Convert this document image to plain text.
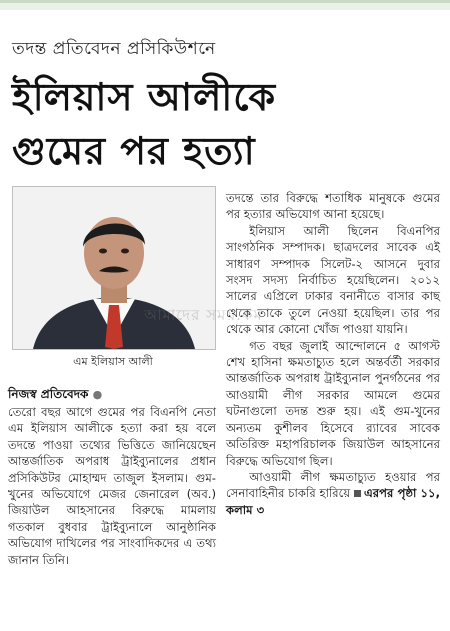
তদন্ত প্রতিবেদন প্রসিকিউশনে
ইলিয়াস আলীকে
গুমের পর হত্যা
এম ইলিয়াস আলী
আমাদের সময়.কম
নিজস্ব প্রতিবেদক ●

তেরো বছর আগে গুমের পর বিএনপি নেতা এম ইলিয়াস আলীকে হত্যা করা হয় বলে তদন্তে পাওয়া তথ্যের ভিত্তিতে জানিয়েছেন আন্তর্জাতিক অপরাধ ট্রাইব্যুনালের প্রধান প্রসিকিউটর মোহাম্মদ তাজুল ইসলাম। গুম-খুনের অভিযোগে মেজর জেনারেল (অব.) জিয়াউল আহসানের বিরুদ্ধে মামলায় গতকাল বুধবার ট্রাইব্যুনালে আনুষ্ঠানিক অভিযোগ দাখিলের পর সাংবাদিকদের এ তথ্য জানান তিনি।

তদন্তে তার বিরুদ্ধে শতাধিক মানুষকে গুমের পর হত্যার অভিযোগ আনা হয়েছে।

ইলিয়াস আলী ছিলেন বিএনপির সাংগঠনিক সম্পাদক। ছাত্রদলের সাবেক এই সাধারণ সম্পাদক সিলেট-২ আসনে দুবার সংসদ সদস্য নির্বাচিত হয়েছিলেন। ২০১২ সালের এপ্রিলে ঢাকার বনানীতে বাসার কাছ থেকে তাকে তুলে নেওয়া হয়েছিল। তার পর থেকে আর কোনো খোঁজ পাওয়া যায়নি।

গত বছর জুলাই আন্দোলনে ৫ আগস্ট শেখ হাসিনা ক্ষমতাচ্যুত হলে অন্তর্বর্তী সরকার আন্তর্জাতিক অপরাধ ট্রাইব্যুনাল পুনর্গঠনের পর আওয়ামী লীগ সরকার আমলে গুমের ঘটনাগুলো তদন্ত শুরু হয়। এই গুম-খুনের অন্যতম কুশীলব হিসেবে র‍্যাবের সাবেক অতিরিক্ত মহাপরিচালক জিয়াউল আহসানের বিরুদ্ধে অভিযোগ ছিল।

আওয়ামী লীগ ক্ষমতাচ্যুত হওয়ার পর সেনাবাহিনীর চাকরি হারিয়ে এরপর পৃষ্ঠা ১১, কলাম ৩
